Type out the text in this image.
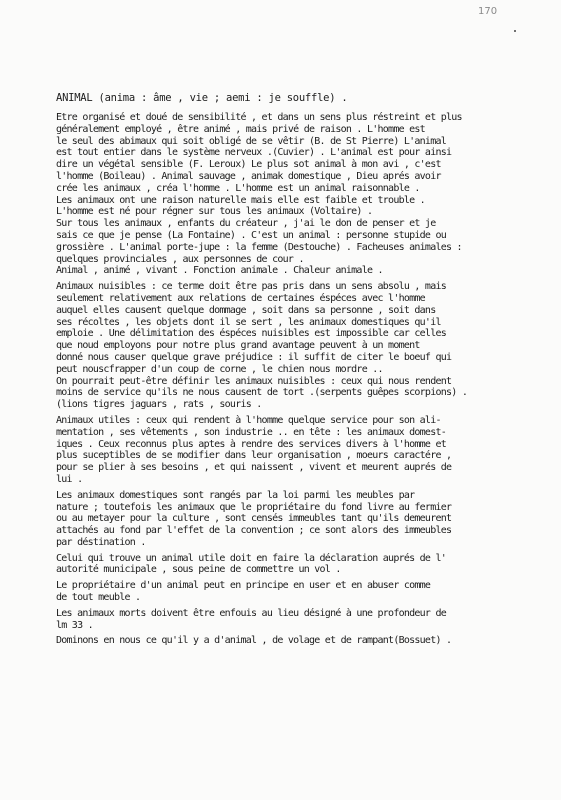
170
ANIMAL (anima : âme , vie ; aemi : je souffle) .
Etre organisé et doué de sensibilité , et dans un sens plus réstreint et plus
généralement employé , être animé , mais privé de raison . L'homme est
le seul des abimaux qui soit obligé de se vêtir (B. de St Pierre) L'animal
est tout entier dans le système nerveux .(Cuvier) . L'animal est pour ainsi
dire un végétal sensible (F. Leroux) Le plus sot animal à mon avi , c'est
l'homme (Boileau) . Animal sauvage , animak domestique , Dieu aprés avoir
crée les animaux , créa l'homme . L'homme est un animal raisonnable .
Les animaux ont une raison naturelle mais elle est faible et trouble .
L'homme est né pour régner sur tous les animaux (Voltaire) .
Sur tous les animaux , enfants du créateur , j'ai le don de penser et je
sais ce que je pense (La Fontaine) . C'est un animal : personne stupide ou
grossière . L'animal porte-jupe : la femme (Destouche) . Facheuses animales :
quelques provinciales , aux personnes de cour .
Animal , animé , vivant . Fonction animale . Chaleur animale .
Animaux nuisibles : ce terme doit être pas pris dans un sens absolu , mais
seulement relativement aux relations de certaines éspéces avec l'homme
auquel elles causent quelque dommage , soit dans sa personne , soit dans
ses récoltes , les objets dont il se sert , les animaux domestiques qu'il
emploie . Une délimitation des éspéces nuisibles est impossible car celles
que noud employons pour notre plus grand avantage peuvent à un moment
donné nous causer quelque grave préjudice : il suffit de citer le boeuf qui
peut nouscfrapper d'un coup de corne , le chien nous mordre ..
On pourrait peut-être définir les animaux nuisibles : ceux qui nous rendent
moins de service qu'ils ne nous causent de tort .(serpents guêpes scorpions) .
(lions tigres jaguars , rats , souris .
Animaux utiles : ceux qui rendent à l'homme quelque service pour son ali-
mentation , ses vêtements , son industrie .. en tête : les animaux domest-
iques . Ceux reconnus plus aptes à rendre des services divers à l'homme et
plus suceptibles de se modifier dans leur organisation , moeurs caractére ,
pour se plier à ses besoins , et qui naissent , vivent et meurent auprés de
lui .
Les animaux domestiques sont rangés par la loi parmi les meubles par
nature ; toutefois les animaux que le propriétaire du fond livre au fermier
ou au metayer pour la culture , sont censés immeubles tant qu'ils demeurent
attachés au fond par l'effet de la convention ; ce sont alors des immeubles
par déstination .
Celui qui trouve un animal utile doit en faire la déclaration auprés de l'
autorité municipale , sous peine de commettre un vol .
Le propriétaire d'un animal peut en principe en user et en abuser comme
de tout meuble .
Les animaux morts doivent être enfouis au lieu désigné à une profondeur de
lm 33 .
Dominons en nous ce qu'il y a d'animal , de volage et de rampant(Bossuet) .
